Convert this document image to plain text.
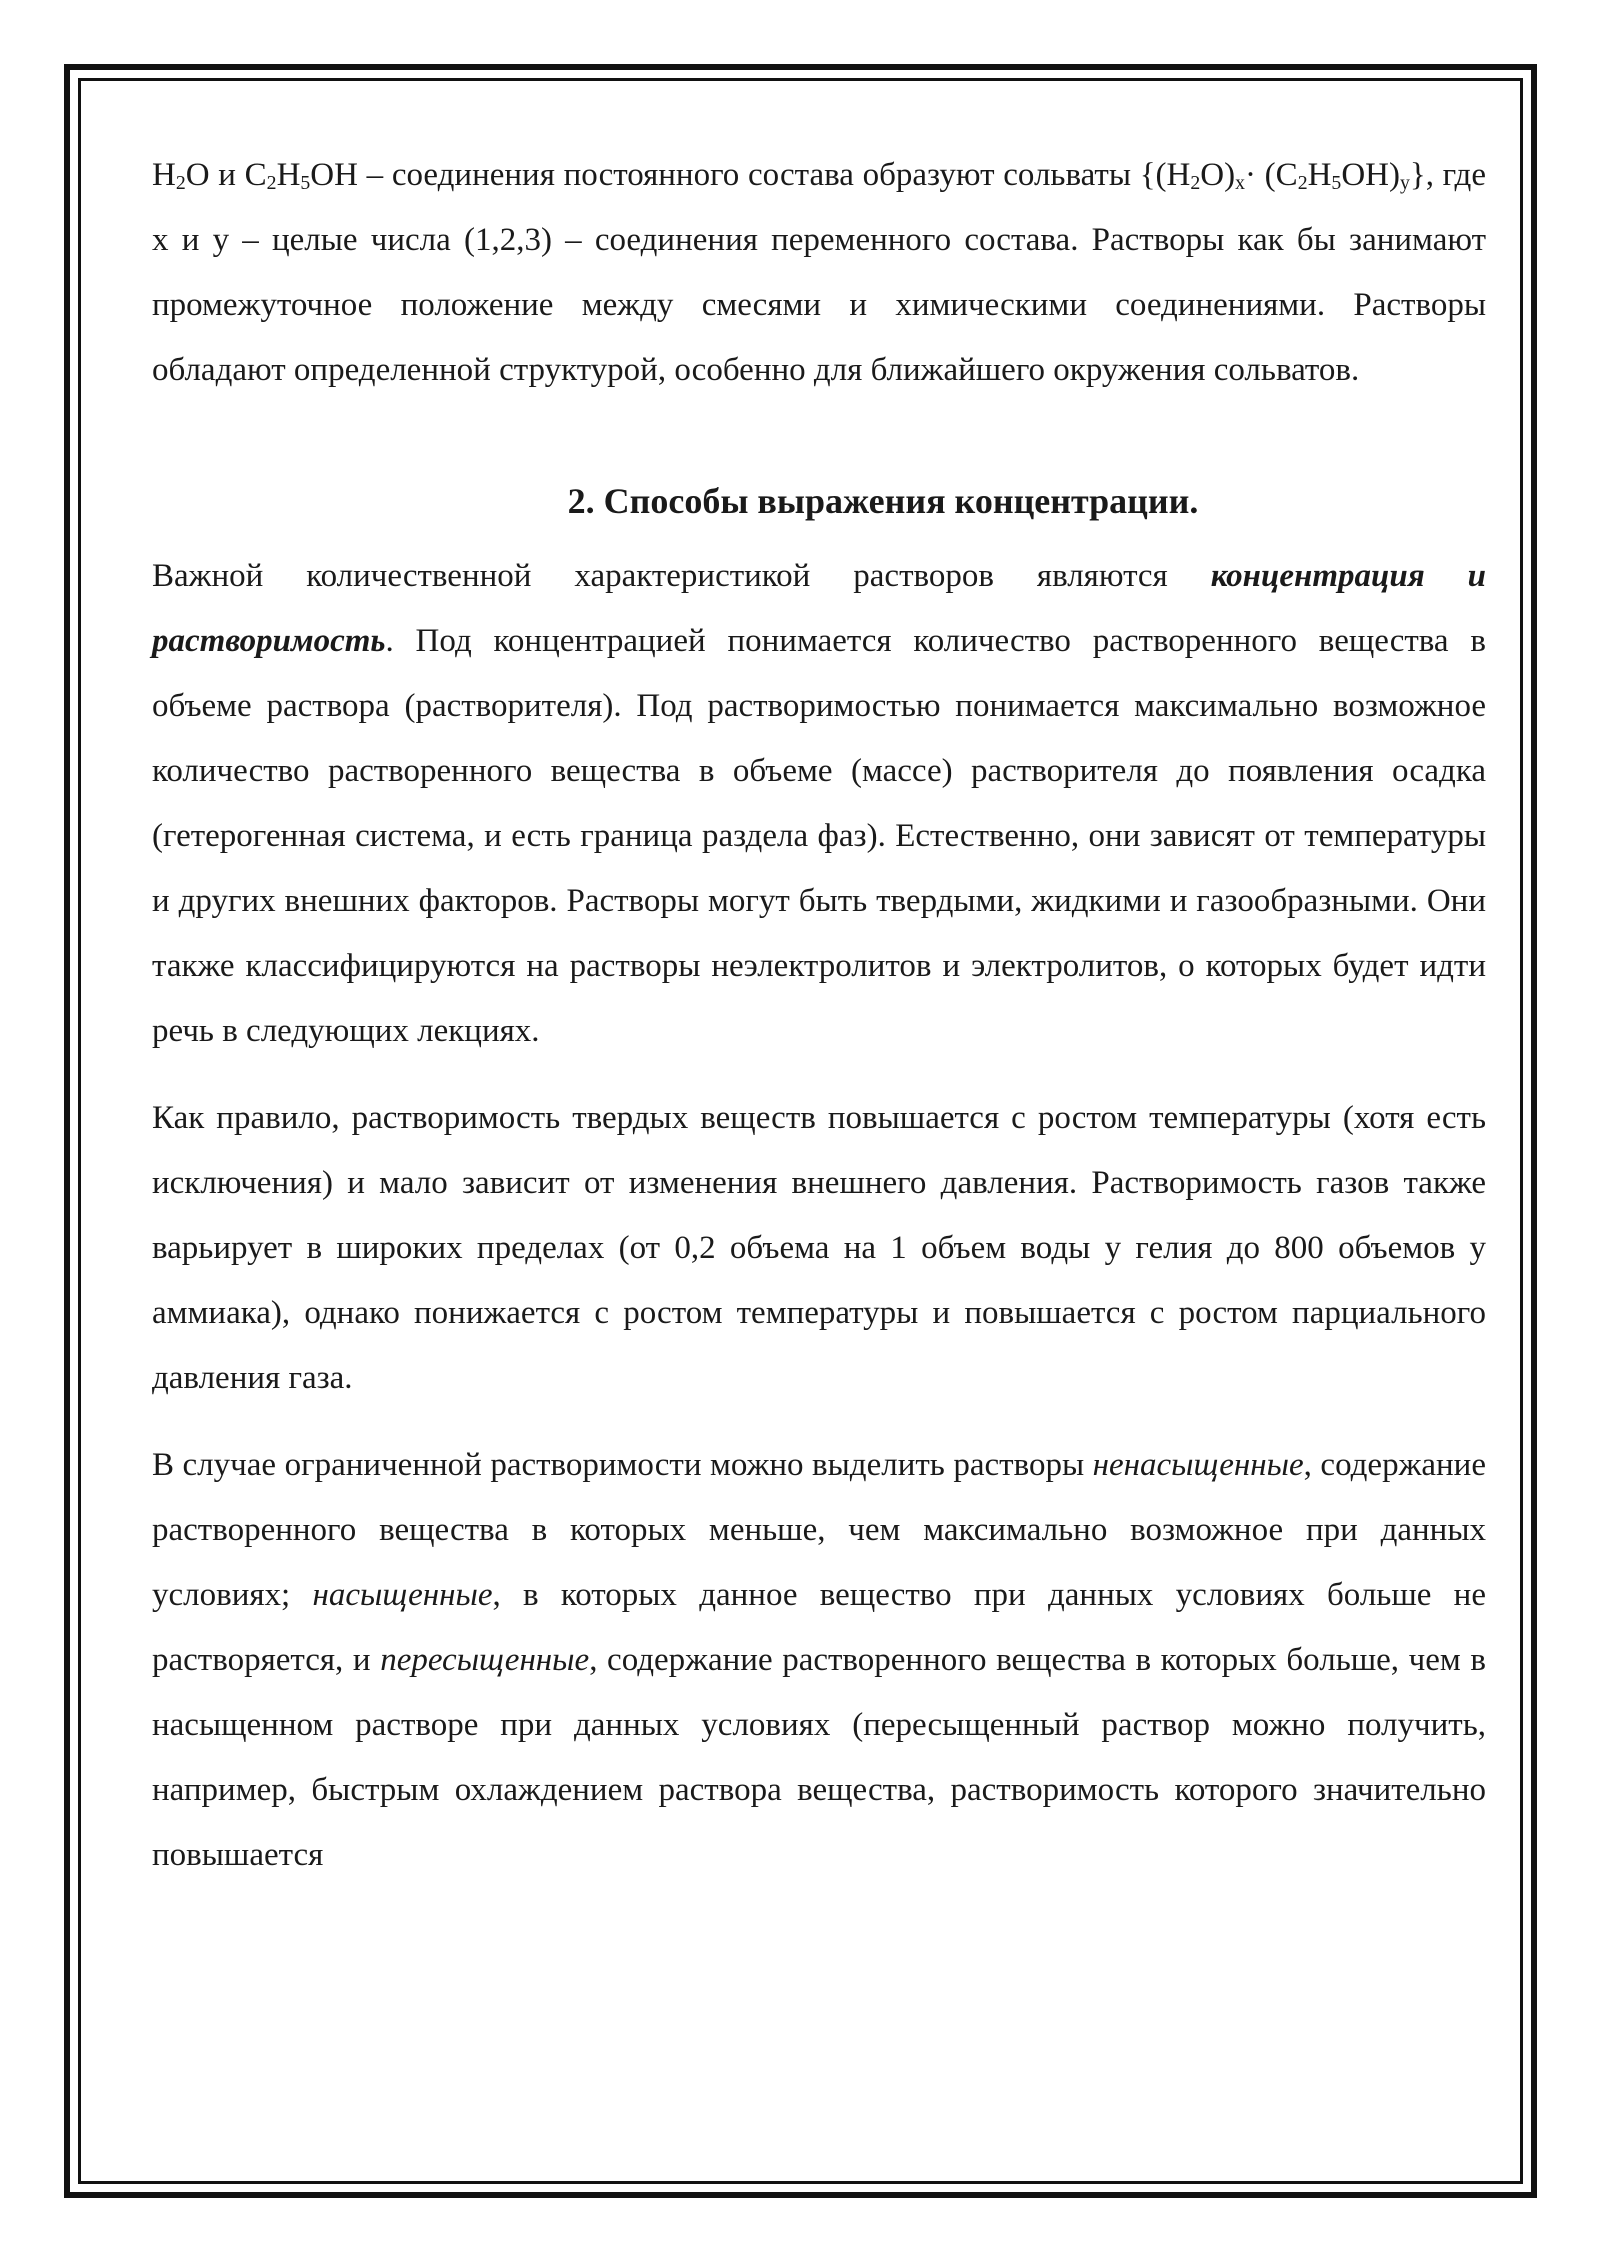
$H_2O$ и $C_2H_5OH$ – соединения постоянного состава образуют сольваты $\{(H_2O)_x\cdot (C_2H_5OH)_y\}$, где x и y – целые числа (1,2,3) – соединения переменного состава. Растворы как бы занимают промежуточное положение между смесями и химическими соединениями. Растворы обладают определенной структурой, особенно для ближайшего окружения сольватов.

2. Способы выражения концентрации.

Важной количественной характеристикой растворов являются концентрация и растворимость. Под концентрацией понимается количество растворенного вещества в объеме раствора (растворителя). Под растворимостью понимается максимально возможное количество растворенного вещества в объеме (массе) растворителя до появления осадка (гетерогенная система, и есть граница раздела фаз). Естественно, они зависят от температуры и других внешних факторов. Растворы могут быть твердыми, жидкими и газообразными. Они также классифицируются на растворы неэлектролитов и электролитов, о которых будет идти речь в следующих лекциях.

Как правило, растворимость твердых веществ повышается с ростом температуры (хотя есть исключения) и мало зависит от изменения внешнего давления. Растворимость газов также варьирует в широких пределах (от 0,2 объема на 1 объем воды у гелия до 800 объемов у аммиака), однако понижается с ростом температуры и повышается с ростом парциального давления газа.

В случае ограниченной растворимости можно выделить растворы ненасыщенные, содержание растворенного вещества в которых меньше, чем максимально возможное при данных условиях; насыщенные, в которых данное вещество при данных условиях больше не растворяется, и пересыщенные, содержание растворенного вещества в которых больше, чем в насыщенном растворе при данных условиях (пересыщенный раствор можно получить, например, быстрым охлаждением раствора вещества, растворимость которого значительно повышается
